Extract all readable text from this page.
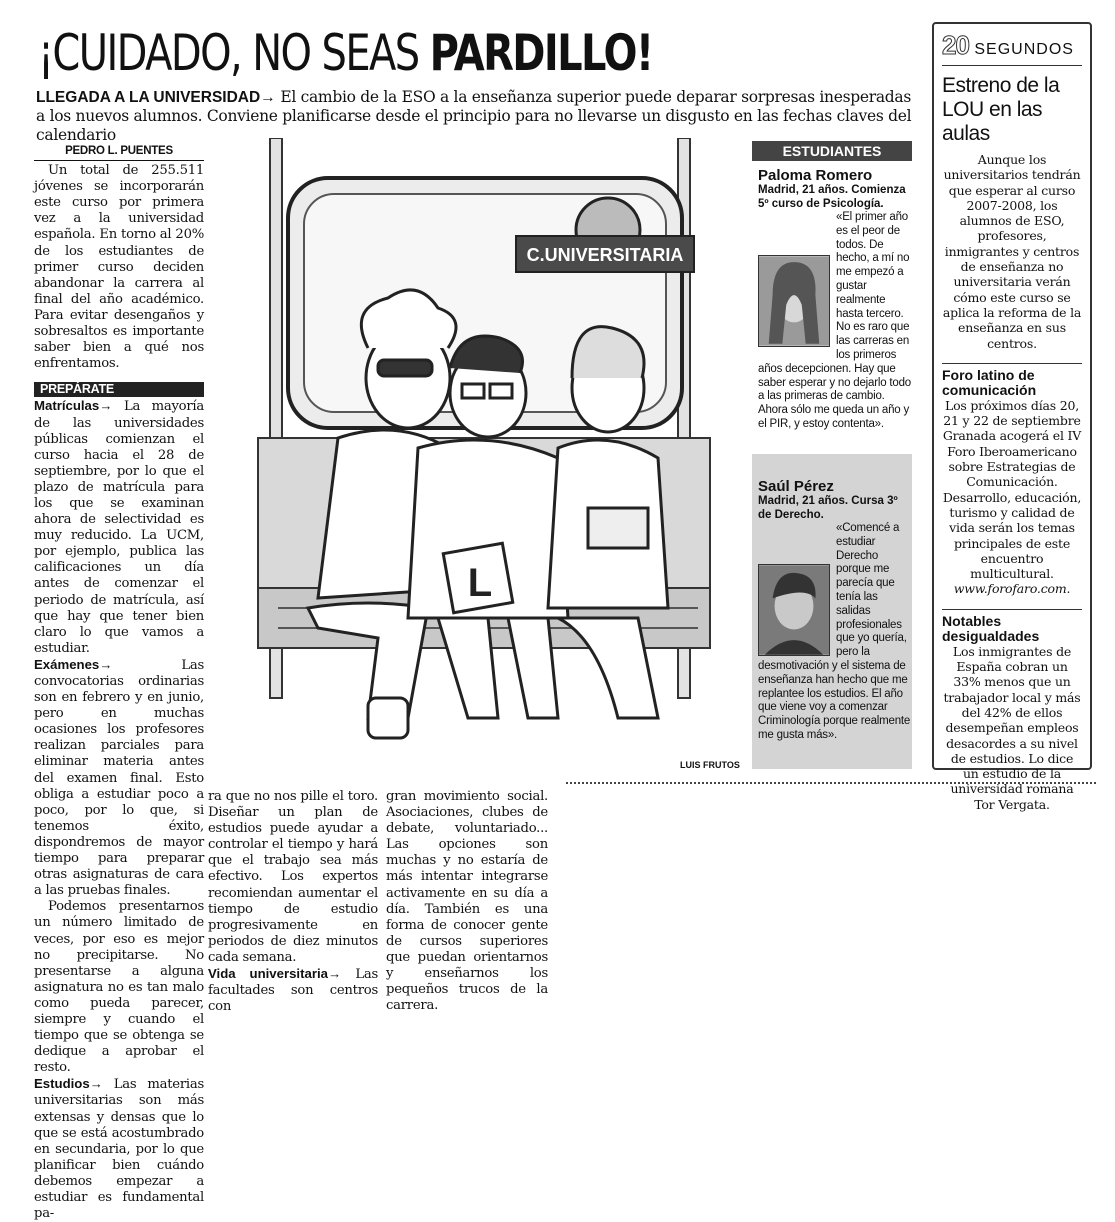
¡CUIDADO, NO SEAS PARDILLO!
LLEGADA A LA UNIVERSIDAD→ El cambio de la ESO a la enseñanza superior puede deparar sorpresas inesperadas a los nuevos alumnos. Conviene planificarse desde el principio para no llevarse un disgusto en las fechas claves del calendario
PEDRO L. PUENTES

Un total de 255.511 jóvenes se incorporarán este curso por primera vez a la universidad española. En torno al 20% de los estudiantes de primer curso deciden abandonar la carrera al final del año académico. Para evitar desengaños y sobresaltos es importante saber bien a qué nos enfrentamos.

PREPÁRATE

Matrículas→ La mayoría de las universidades públicas comienzan el curso hacia el 28 de septiembre, por lo que el plazo de matrícula para los que se examinan ahora de selectividad es muy reducido. La UCM, por ejemplo, publica las calificaciones un día antes de comenzar el periodo de matrícula, así que hay que tener bien claro lo que vamos a estudiar.

Exámenes→ Las convocatorias ordinarias son en febrero y en junio, pero en muchas ocasiones los profesores realizan parciales para eliminar materia antes del examen final. Esto obliga a estudiar poco a poco, por lo que, si tenemos éxito, dispondremos de mayor tiempo para preparar otras asignaturas de cara a las pruebas finales.

Podemos presentarnos un número limitado de veces, por eso es mejor no precipitarse. No presentarse a alguna asignatura no es tan malo como pueda parecer, siempre y cuando el tiempo que se obtenga se dedique a aprobar el resto.

Estudios→ Las materias universitarias son más extensas y densas que lo que se está acostumbrado en secundaria, por lo que planificar bien cuándo debemos empezar a estudiar es fundamental pa-

ra que no nos pille el toro. Diseñar un plan de estudios puede ayudar a controlar el tiempo y hará que el trabajo sea más efectivo. Los expertos recomiendan aumentar el tiempo de estudio progresivamente en periodos de diez minutos cada semana.

Vida universitaria→ Las facultades son centros con

gran movimiento social. Asociaciones, clubes de debate, voluntariado... Las opciones son muchas y no estaría de más intentar integrarse activamente en su día a día. También es una forma de conocer gente de cursos superiores que puedan orientarnos y enseñarnos los pequeños trucos de la carrera.

C.UNIVERSITARIA
L
LUIS FRUTOS
ESTUDIANTES
Paloma Romero
Madrid, 21 años. Comienza 5º curso de Psicología.
«El primer año es el peor de todos. De hecho, a mí no me empezó a gustar realmente hasta tercero. No es raro que las carreras en los primeros años decepcionen. Hay que saber esperar y no dejarlo todo a las primeras de cambio. Ahora sólo me queda un año y el PIR, y estoy contenta».
Saúl Pérez
Madrid, 21 años. Cursa 3º de Derecho.
«Comencé a estudiar Derecho porque me parecía que tenía las salidas profesionales que yo quería, pero la desmotivación y el sistema de enseñanza han hecho que me replantee los estudios. El año que viene voy a comenzar Criminología porque realmente me gusta más».
20 SEGUNDOS
Estreno de la LOU en las aulas

Aunque los universitarios tendrán que esperar al curso 2007-2008, los alumnos de ESO, profesores, inmigrantes y centros de enseñanza no universitaria verán cómo este curso se aplica la reforma de la enseñanza en sus centros.

Foro latino de comunicación

Los próximos días 20, 21 y 22 de septiembre Granada acogerá el IV Foro Iberoamericano sobre Estrategias de Comunicación. Desarrollo, educación, turismo y calidad de vida serán los temas principales de este encuentro multicultural. www.forofaro.com.

Notables desigualdades

Los inmigrantes de España cobran un 33% menos que un trabajador local y más del 42% de ellos desempeñan empleos desacordes a su nivel de estudios. Lo dice un estudio de la universidad romana Tor Vergata.
